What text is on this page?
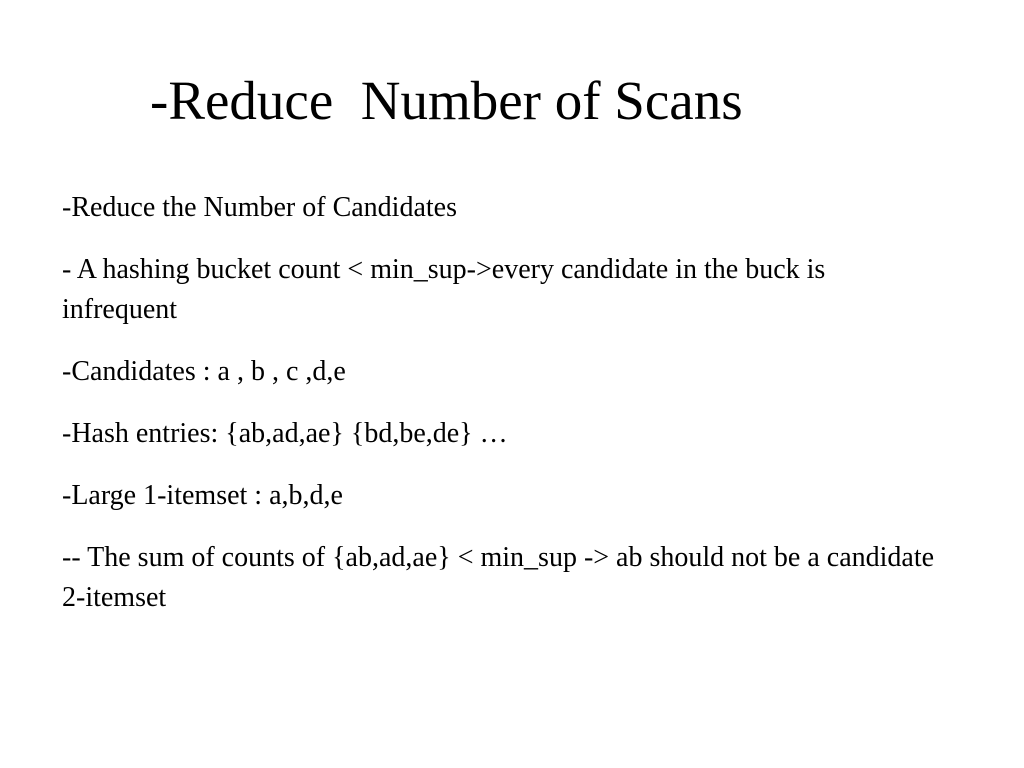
-Reduce  Number of Scans
-Reduce the Number of Candidates
- A hashing bucket count < min_sup->every candidate in the buck is infrequent
-Candidates : a , b , c ,d,e
-Hash entries: {ab,ad,ae} {bd,be,de} …
-Large 1-itemset : a,b,d,e
-- The sum of counts of {ab,ad,ae} < min_sup -> ab should not be a candidate 2-itemset
